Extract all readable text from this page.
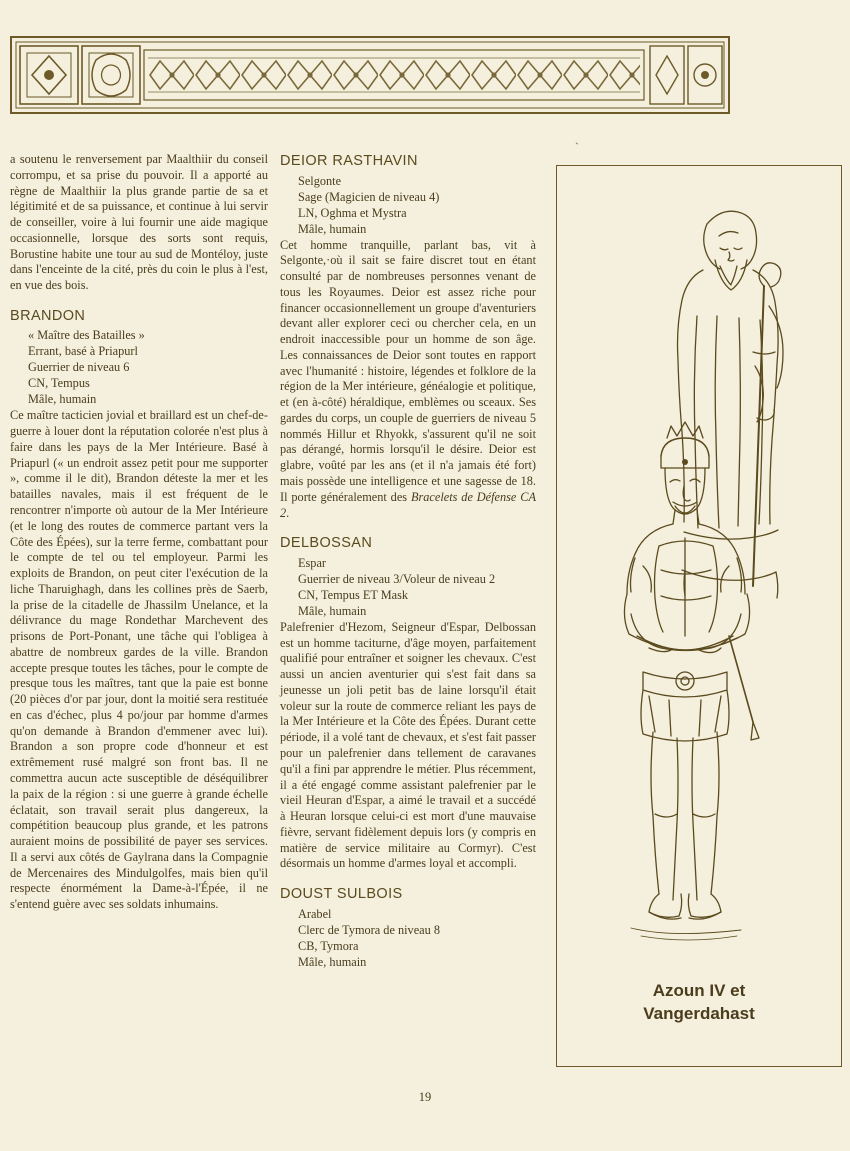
a soutenu le renversement par Maalthiir du conseil corrompu, et sa prise du pouvoir. Il a apporté au règne de Maalthiir la plus grande partie de sa et légitimité et de sa puissance, et continue à lui servir de conseiller, voire à lui fournir une aide magique occasionnelle, lorsque des sorts sont requis, Borustine habite une tour au sud de Montéloy, juste dans l'enceinte de la cité, près du coin le plus à l'est, en vue des bois.

BRANDON

« Maître des Batailles »

Errant, basé à Priapurl

Guerrier de niveau 6

CN, Tempus

Mâle, humain

Ce maître tacticien jovial et braillard est un chef-de-guerre à louer dont la réputation colorée n'est plus à faire dans les pays de la Mer Intérieure. Basé à Priapurl (« un endroit assez petit pour me supporter », comme il le dit), Brandon déteste la mer et les batailles navales, mais il est fréquent de le rencontrer n'importe où autour de la Mer Intérieure (et le long des routes de commerce partant vers la Côte des Épées), sur la terre ferme, combattant pour le compte de tel ou tel employeur. Parmi les exploits de Brandon, on peut citer l'exécution de la liche Tharuighagh, dans les collines près de Saerb, la prise de la citadelle de Jhassilm Unelance, et la délivrance du mage Rondethar Marchevent des prisons de Port-Ponant, une tâche qui l'obligea à abattre de nombreux gardes de la ville. Brandon accepte presque toutes les tâches, pour le compte de presque tous les maîtres, tant que la paie est bonne (20 pièces d'or par jour, dont la moitié sera restituée en cas d'échec, plus 4 po/jour par homme d'armes qu'on demande à Brandon d'emmener avec lui). Brandon a son propre code d'honneur et est extrêmement rusé malgré son front bas. Il ne commettra aucun acte susceptible de déséquilibrer la paix de la région : si une guerre à grande échelle éclatait, son travail serait plus dangereux, la compétition beaucoup plus grande, et les patrons auraient moins de possibilité de payer ses services. Il a servi aux côtés de Gaylrana dans la Compagnie de Mercenaires des Mindulgolfes, mais bien qu'il respecte énormément la Dame-à-l'Épée, il ne s'entend guère avec ses soldats inhumains.

DEIOR RASTHAVIN

Selgonte

Sage (Magicien de niveau 4)

LN, Oghma et Mystra

Mâle, humain

Cet homme tranquille, parlant bas, vit à Selgonte,·où il sait se faire discret tout en étant consulté par de nombreuses personnes venant de tous les Royaumes. Deior est assez riche pour financer occasionnellement un groupe d'aventuriers devant aller explorer ceci ou chercher cela, en un endroit inaccessible pour un homme de son âge. Les connaissances de Deior sont toutes en rapport avec l'humanité : histoire, légendes et folklore de la région de la Mer intérieure, généalogie et politique, et (en à-côté) héraldique, emblèmes ou sceaux. Ses gardes du corps, un couple de guerriers de niveau 5 nommés Hillur et Rhyokk, s'assurent qu'il ne soit pas dérangé, hormis lorsqu'il le désire. Deior est glabre, voûté par les ans (et il n'a jamais été fort) mais possède une intelligence et une sagesse de 18. Il porte généralement des Bracelets de Défense CA 2.

DELBOSSAN

Espar

Guerrier de niveau 3/Voleur de niveau 2

CN, Tempus ET Mask

Mâle, humain

Palefrenier d'Hezom, Seigneur d'Espar, Delbossan est un homme taciturne, d'âge moyen, parfaitement qualifié pour entraîner et soigner les chevaux. C'est aussi un ancien aventurier qui s'est fait dans sa jeunesse un joli petit bas de laine lorsqu'il était voleur sur la route de commerce reliant les pays de la Mer Intérieure et la Côte des Épées. Durant cette période, il a volé tant de chevaux, et s'est fait passer pour un palefrenier dans tellement de caravanes qu'il a fini par apprendre le métier. Plus récemment, il a été engagé comme assistant palefrenier par le vieil Heuran d'Espar, a aimé le travail et a succédé à Heuran lorsque celui-ci est mort d'une mauvaise fièvre, servant fidèlement depuis lors (y compris en matière de service militaire au Cormyr). C'est désormais un homme d'armes loyal et accompli.

DOUST SULBOIS

Arabel

Clerc de Tymora de niveau 8

CB, Tymora

Mâle, humain

`
Azoun IV et
Vangerdahast
19
